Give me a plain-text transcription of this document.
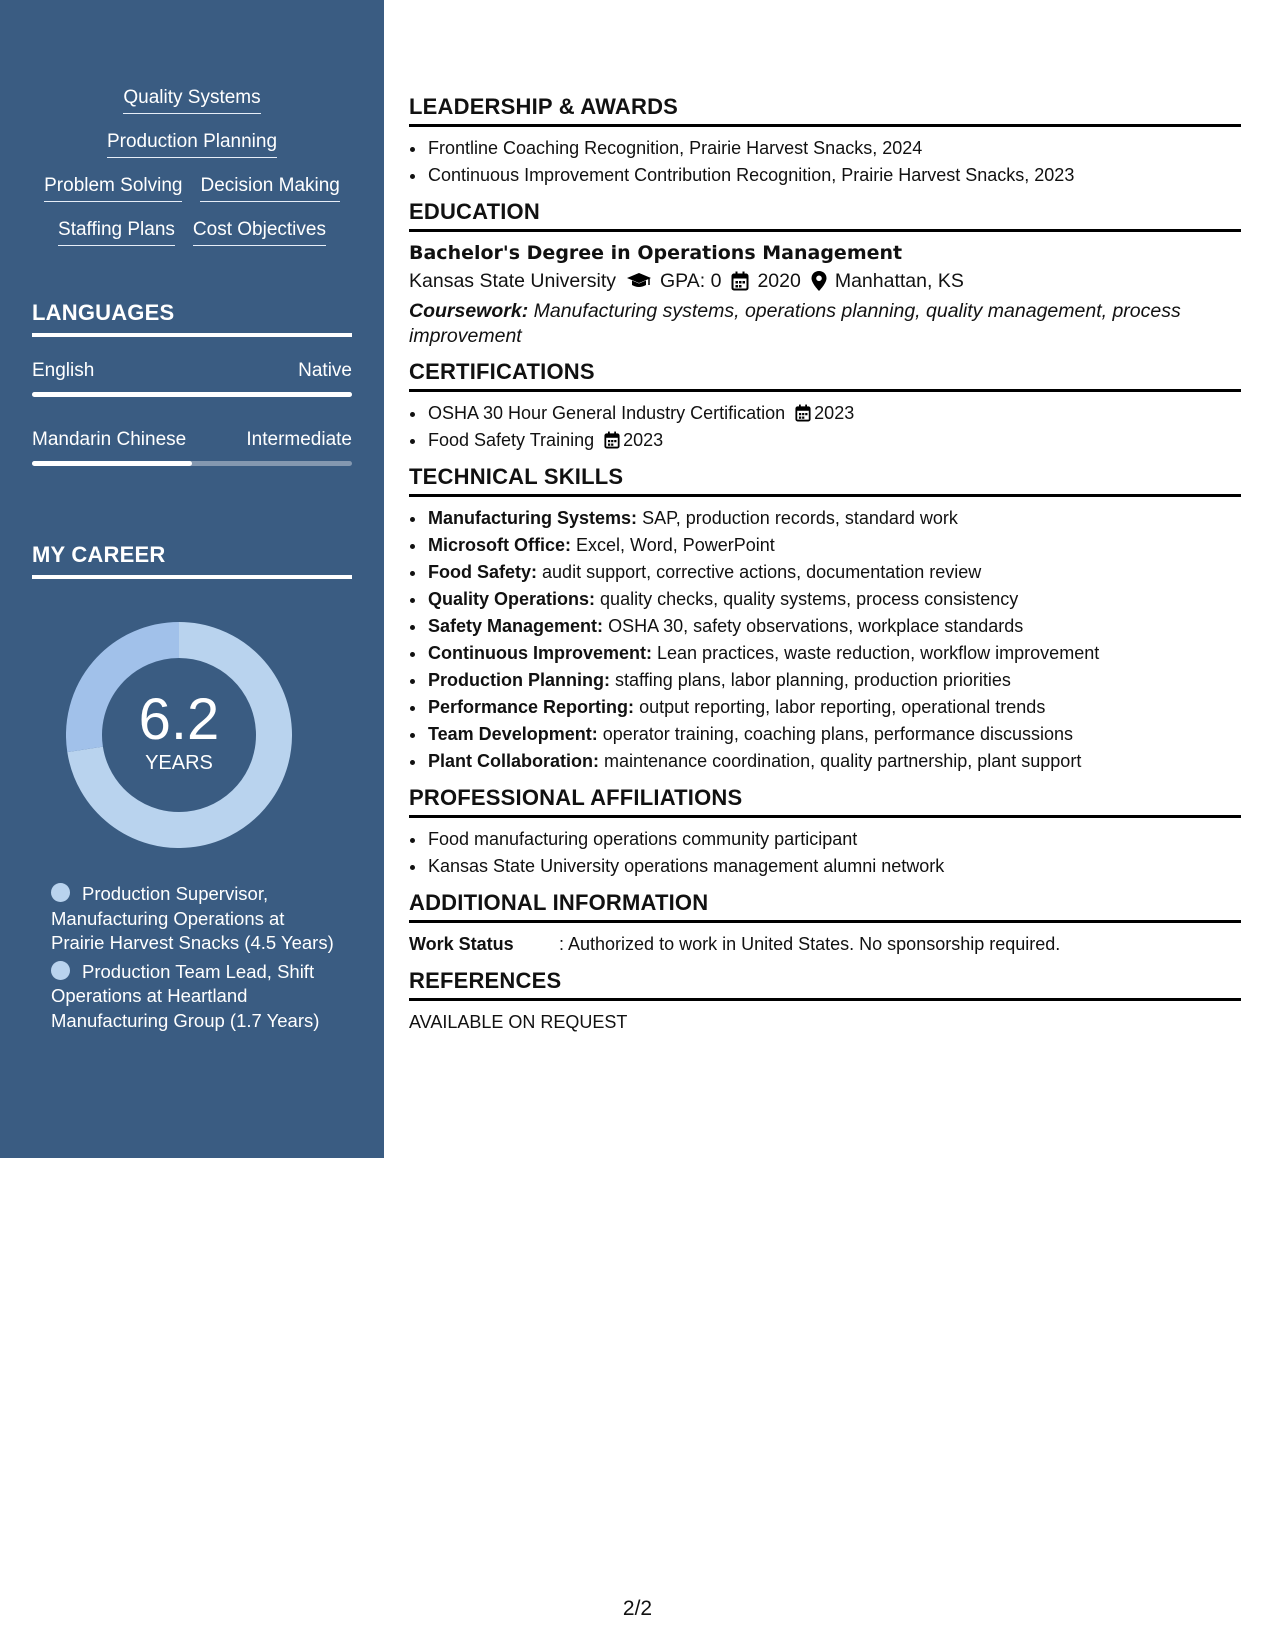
Quality Systems
Production Planning
Problem Solving Decision Making
Staffing Plans Cost Objectives
LANGUAGES
English	Native
Mandarin Chinese	Intermediate
MY CAREER
6.2
YEARS
Production Supervisor, Manufacturing Operations at Prairie Harvest Snacks (4.5 Years)
Production Team Lead, Shift Operations at Heartland Manufacturing Group (1.7 Years)
LEADERSHIP & AWARDS
• Frontline Coaching Recognition, Prairie Harvest Snacks, 2024
• Continuous Improvement Contribution Recognition, Prairie Harvest Snacks, 2023
EDUCATION
Bachelor's Degree in Operations Management
Kansas State University GPA: 0 2020 Manhattan, KS
Coursework: Manufacturing systems, operations planning, quality management, process improvement
CERTIFICATIONS
• OSHA 30 Hour General Industry Certification 2023
• Food Safety Training 2023
TECHNICAL SKILLS
• Manufacturing Systems: SAP, production records, standard work
• Microsoft Office: Excel, Word, PowerPoint
• Food Safety: audit support, corrective actions, documentation review
• Quality Operations: quality checks, quality systems, process consistency
• Safety Management: OSHA 30, safety observations, workplace standards
• Continuous Improvement: Lean practices, waste reduction, workflow improvement
• Production Planning: staffing plans, labor planning, production priorities
• Performance Reporting: output reporting, labor reporting, operational trends
• Team Development: operator training, coaching plans, performance discussions
• Plant Collaboration: maintenance coordination, quality partnership, plant support
PROFESSIONAL AFFILIATIONS
• Food manufacturing operations community participant
• Kansas State University operations management alumni network
ADDITIONAL INFORMATION
Work Status	: Authorized to work in United States. No sponsorship required.
REFERENCES
AVAILABLE ON REQUEST
2/2
